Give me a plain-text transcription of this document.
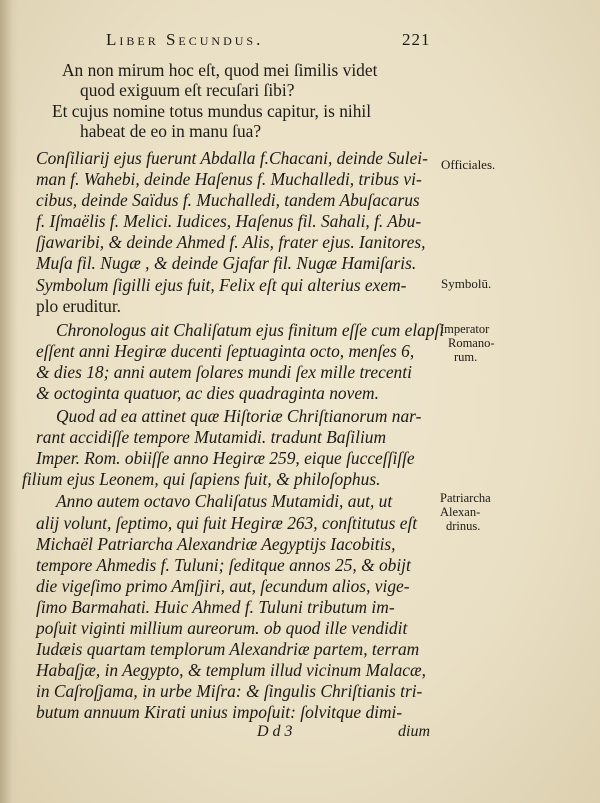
Liber Secundus.	221
An non mirum hoc eſt, quod mei ſimilis videt
quod exiguum eſt recuſari ſibi?
Et cujus nomine totus mundus capitur, is nihil
habeat de eo in manu ſua?
Conſiliarij ejus fuerunt Abdalla f.Chacani, deinde Sulei-
man f. Wahebi, deinde Haſenus f. Muchalledi, tribus vi-
cibus, deinde Saïdus f. Muchalledi, tandem Abuſacarus
f. Iſmaëlis f. Melici. Iudices, Haſenus fil. Sahali, f. Abu-
ſjawaribi, & deinde Ahmed f. Alis, frater ejus. Ianitores,
Muſa fil. Nugæ , & deinde Gjafar fil. Nugæ Hamiſaris.
Symbolum ſigilli ejus fuit, Felix eſt qui alterius exem-
plo eruditur.
Chronologus ait Chaliſatum ejus finitum eſſe cum elapſi
eſſent anni Hegiræ ducenti ſeptuaginta octo, menſes 6,
& dies 18; anni autem ſolares mundi ſex mille trecenti
& octoginta quatuor, ac dies quadraginta novem.
Quod ad ea attinet quæ Hiſtoriæ Chriſtianorum nar-
rant accidiſſe tempore Mutamidi. tradunt Baſilium
Imper. Rom. obiiſſe anno Hegiræ 259, eique ſucceſſiſſe
filium ejus Leonem, qui ſapiens fuit, & philoſophus.
Anno autem octavo Chaliſatus Mutamidi, aut, ut
alij volunt, ſeptimo, qui fuit Hegiræ 263, conſtitutus eſt
Michaël Patriarcha Alexandriæ Aegyptijs Iacobitis,
tempore Ahmedis f. Tuluni; ſeditque annos 25, & obijt
die vigeſimo primo Amſjiri, aut, ſecundum alios, vige-
ſimo Barmahati. Huic Ahmed f. Tuluni tributum im-
poſuit viginti millium aureorum. ob quod ille vendidit
Iudæis quartam templorum Alexandriæ partem, terram
Habaſjæ, in Aegypto, & templum illud vicinum Malacæ,
in Caſroſjama, in urbe Miſra: & ſingulis Chriſtianis tri-
butum annuum Kirati unius impoſuit: ſolvitque dimi-
Officiales.
Symbolū.
Imperator
Romano-
rum.
Patriarcha
Alexan-
drinus.
D d 3	dium
